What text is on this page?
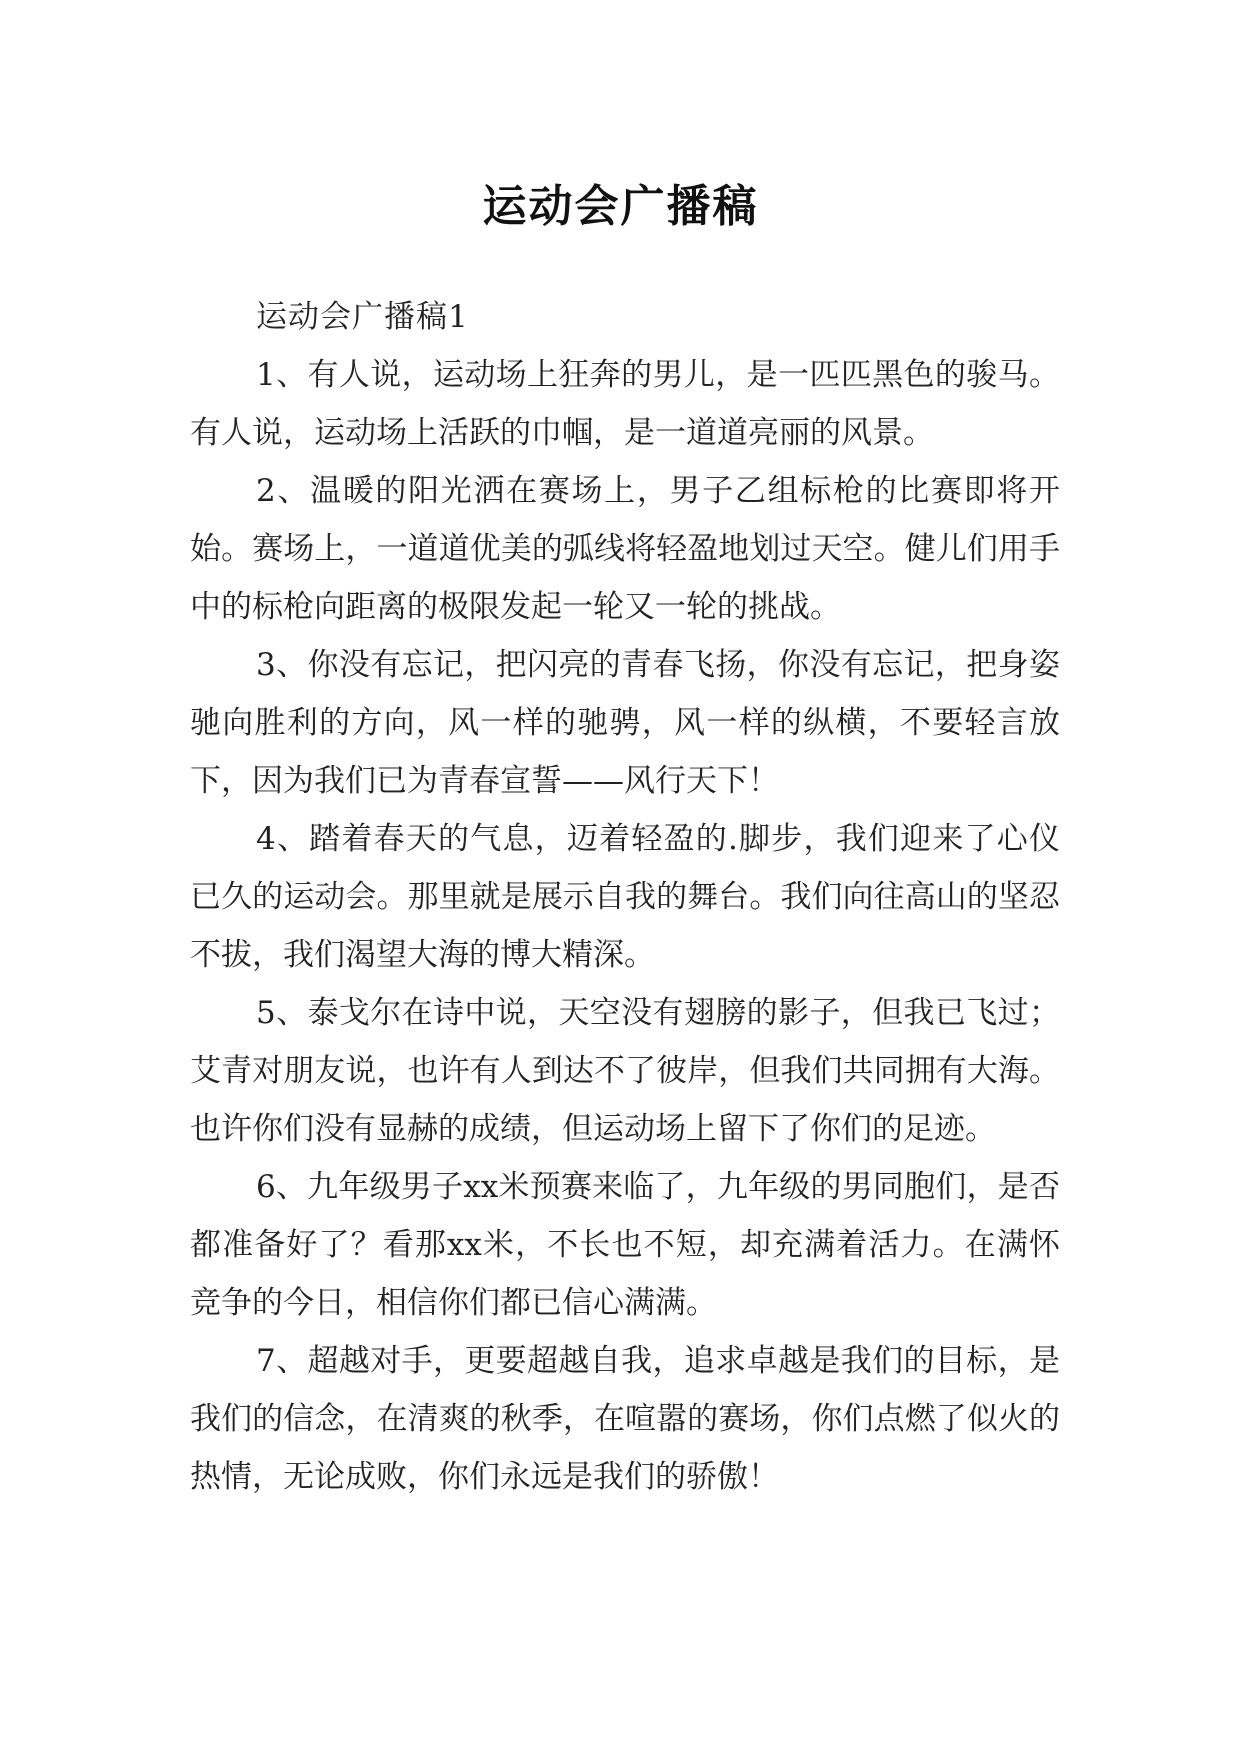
运动会广播稿
运动会广播稿1

1、有人说，运动场上狂奔的男儿，是一匹匹黑色的骏马。有人说，运动场上活跃的巾帼，是一道道亮丽的风景。

2、温暖的阳光洒在赛场上，男子乙组标枪的比赛即将开始。赛场上，一道道优美的弧线将轻盈地划过天空。健儿们用手中的标枪向距离的极限发起一轮又一轮的挑战。

3、你没有忘记，把闪亮的青春飞扬，你没有忘记，把身姿驰向胜利的方向，风一样的驰骋，风一样的纵横，不要轻言放下，因为我们已为青春宣誓——风行天下！

4、踏着春天的气息，迈着轻盈的.脚步，我们迎来了心仪已久的运动会。那里就是展示自我的舞台。我们向往高山的坚忍不拔，我们渴望大海的博大精深。

5、泰戈尔在诗中说，天空没有翅膀的影子，但我已飞过；艾青对朋友说，也许有人到达不了彼岸，但我们共同拥有大海。也许你们没有显赫的成绩，但运动场上留下了你们的足迹。

6、九年级男子xx米预赛来临了，九年级的男同胞们，是否都准备好了？看那xx米，不长也不短，却充满着活力。在满怀竞争的今日，相信你们都已信心满满。

7、超越对手，更要超越自我，追求卓越是我们的目标，是我们的信念，在清爽的秋季，在喧嚣的赛场，你们点燃了似火的热情，无论成败，你们永远是我们的骄傲！
